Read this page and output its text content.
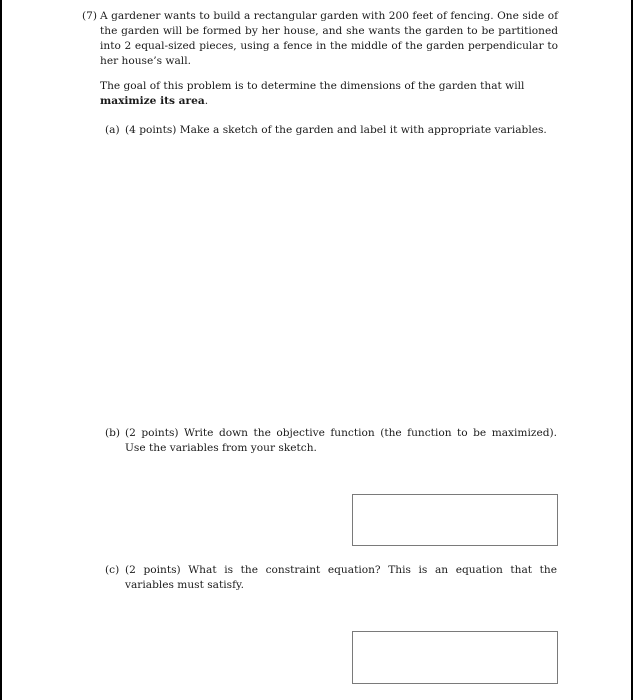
(7) A gardener wants to build a rectangular garden with 200 feet of fencing. One side of the garden will be formed by her house, and she wants the garden to be partitioned into 2 equal-sized pieces, using a fence in the middle of the garden perpendicular to her house’s wall.
The goal of this problem is to determine the dimensions of the garden that will maximize its area.
(a) (4 points) Make a sketch of the garden and label it with appropriate variables.
(b) (2 points) Write down the objective function (the function to be maximized). Use the variables from your sketch.
(c) (2 points) What is the constraint equation? This is an equation that the variables must satisfy.
